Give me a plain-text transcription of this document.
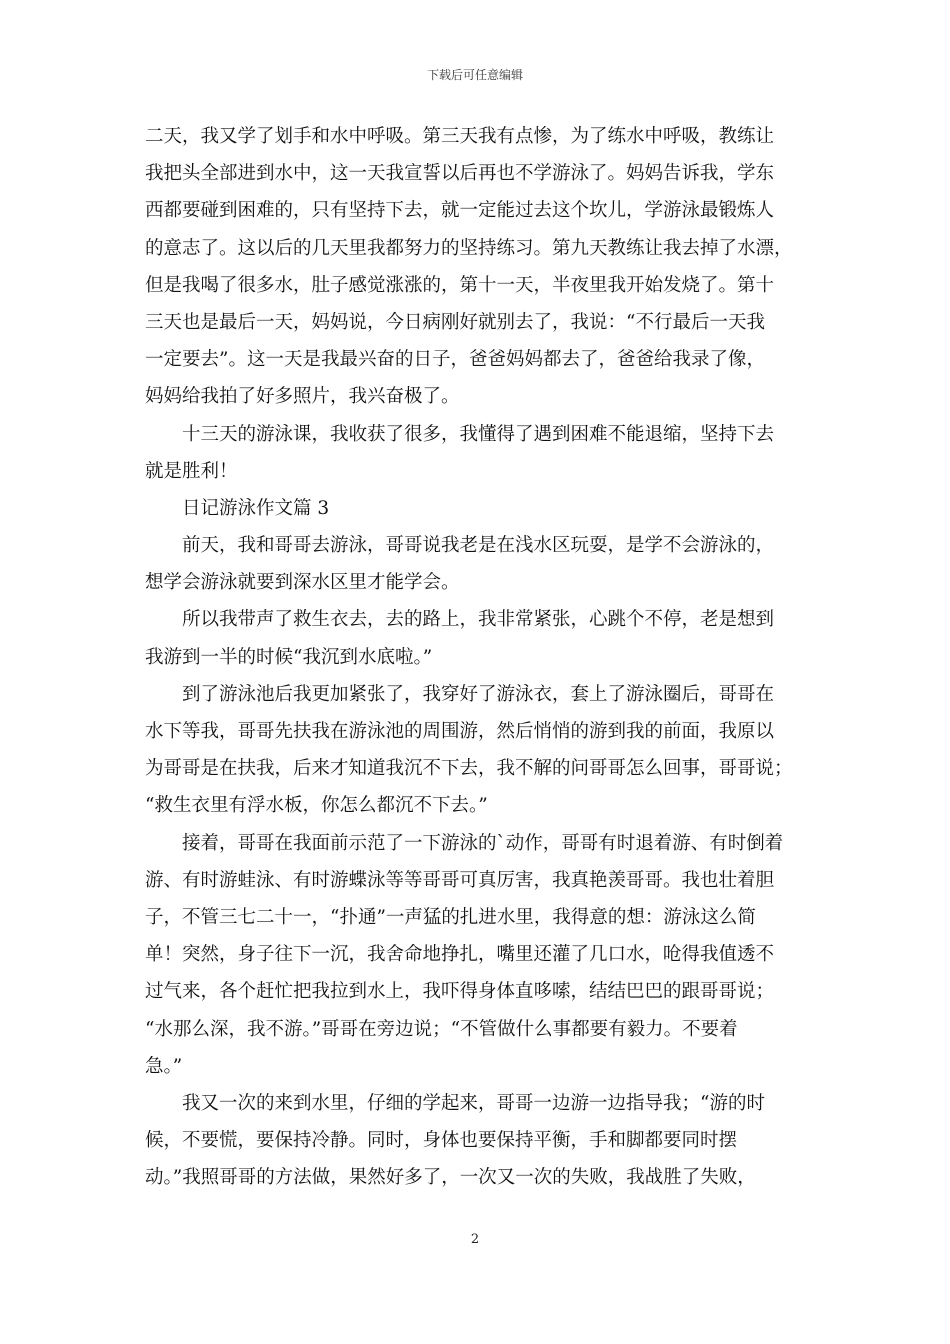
下载后可任意编辑
二天，我又学了划手和水中呼吸。第三天我有点惨，为了练水中呼吸，教练让
我把头全部进到水中，这一天我宣誓以后再也不学游泳了。妈妈告诉我，学东
西都要碰到困难的，只有坚持下去，就一定能过去这个坎儿，学游泳最锻炼人
的意志了。这以后的几天里我都努力的坚持练习。第九天教练让我去掉了水漂，
但是我喝了很多水，肚子感觉涨涨的，第十一天，半夜里我开始发烧了。第十
三天也是最后一天，妈妈说，今日病刚好就别去了，我说：“不行最后一天我
一定要去”。这一天是我最兴奋的日子，爸爸妈妈都去了，爸爸给我录了像，
妈妈给我拍了好多照片，我兴奋极了。
十三天的游泳课，我收获了很多，我懂得了遇到困难不能退缩，坚持下去
就是胜利！
日记游泳作文篇 3
前天，我和哥哥去游泳，哥哥说我老是在浅水区玩耍，是学不会游泳的，
想学会游泳就要到深水区里才能学会。
所以我带声了救生衣去，去的路上，我非常紧张，心跳个不停，老是想到
我游到一半的时候“我沉到水底啦。”
到了游泳池后我更加紧张了，我穿好了游泳衣，套上了游泳圈后，哥哥在
水下等我，哥哥先扶我在游泳池的周围游，然后悄悄的游到我的前面，我原以
为哥哥是在扶我，后来才知道我沉不下去，我不解的问哥哥怎么回事，哥哥说；
“救生衣里有浮水板，你怎么都沉不下去。”
接着，哥哥在我面前示范了一下游泳的`动作，哥哥有时退着游、有时倒着
游、有时游蛙泳、有时游蝶泳等等哥哥可真厉害，我真艳羡哥哥。我也壮着胆
子，不管三七二十一，“扑通”一声猛的扎进水里，我得意的想：游泳这么简
单！突然，身子往下一沉，我舍命地挣扎，嘴里还灌了几口水，呛得我值透不
过气来，各个赶忙把我拉到水上，我吓得身体直哆嗦，结结巴巴的跟哥哥说；
“水那么深，我不游。”哥哥在旁边说；“不管做什么事都要有毅力。不要着
急。”
我又一次的来到水里，仔细的学起来，哥哥一边游一边指导我；“游的时
候，不要慌，要保持冷静。同时，身体也要保持平衡，手和脚都要同时摆
动。”我照哥哥的方法做，果然好多了，一次又一次的失败，我战胜了失败，
2
